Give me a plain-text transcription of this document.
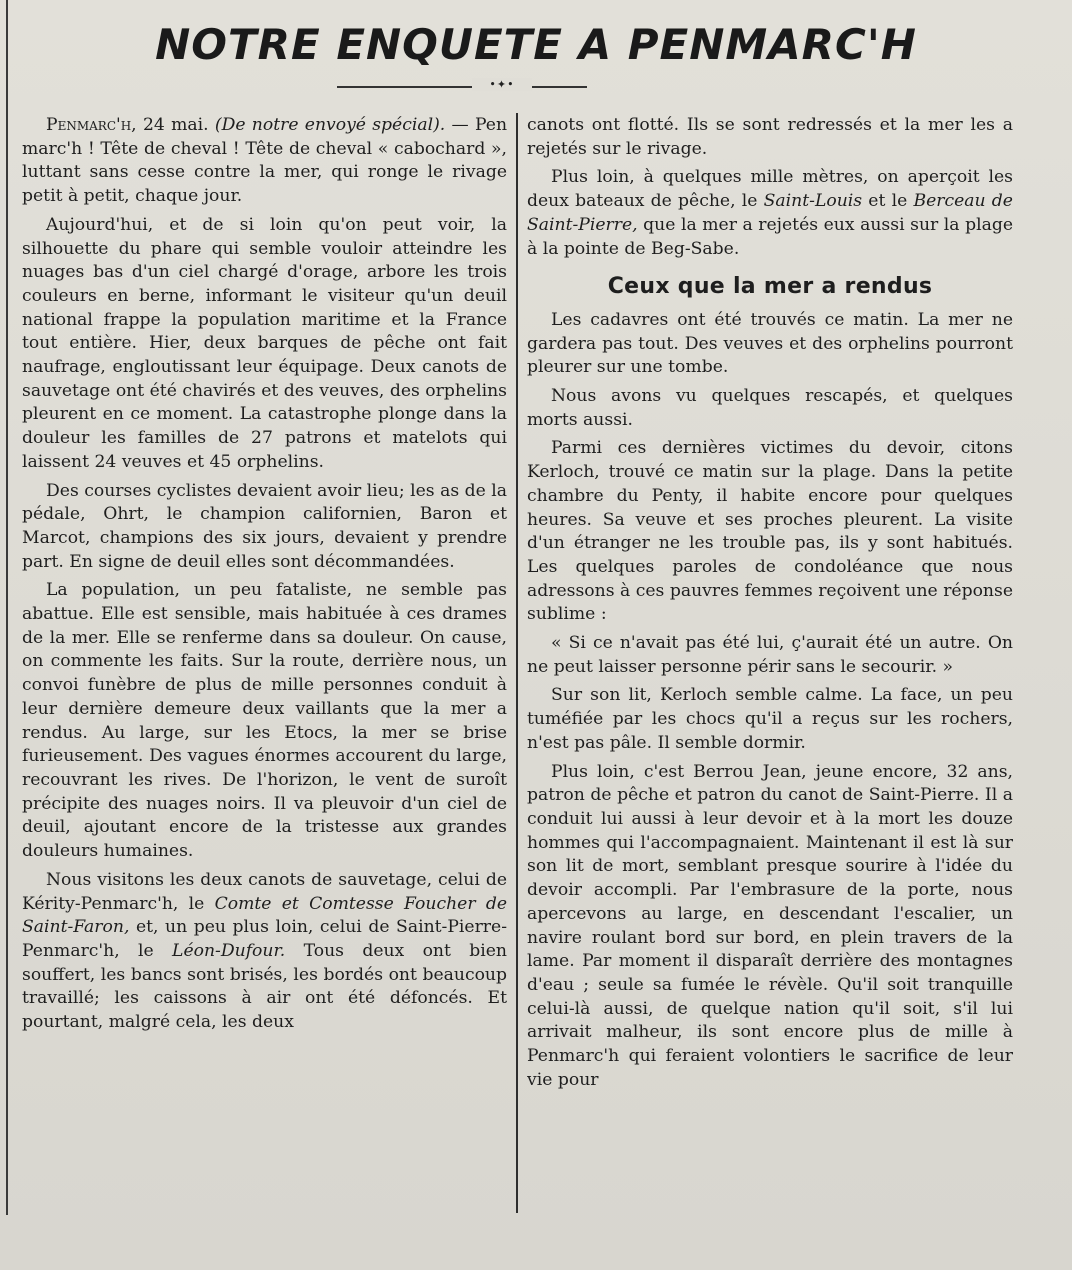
NOTRE ENQUETE A PENMARC'H
•✦•

Penmarc'h, 24 mai. (De notre envoyé spécial). — Pen marc'h ! Tête de cheval ! Tête de cheval « cabochard », luttant sans cesse contre la mer, qui ronge le rivage petit à petit, chaque jour.

Aujourd'hui, et de si loin qu'on peut voir, la silhouette du phare qui semble vouloir atteindre les nuages bas d'un ciel chargé d'orage, arbore les trois couleurs en berne, informant le visiteur qu'un deuil national frappe la population maritime et la France tout entière. Hier, deux barques de pêche ont fait naufrage, engloutissant leur équipage. Deux canots de sauvetage ont été chavirés et des veuves, des orphelins pleurent en ce moment. La catastrophe plonge dans la douleur les familles de 27 patrons et matelots qui laissent 24 veuves et 45 orphelins.

Des courses cyclistes devaient avoir lieu; les as de la pédale, Ohrt, le champion californien, Baron et Marcot, champions des six jours, devaient y prendre part. En signe de deuil elles sont décommandées.

La population, un peu fataliste, ne semble pas abattue. Elle est sensible, mais habituée à ces drames de la mer. Elle se renferme dans sa douleur. On cause, on commente les faits. Sur la route, derrière nous, un convoi funèbre de plus de mille personnes conduit à leur dernière demeure deux vaillants que la mer a rendus. Au large, sur les Etocs, la mer se brise furieusement. Des vagues énormes accourent du large, recouvrant les rives. De l'horizon, le vent de suroît précipite des nuages noirs. Il va pleuvoir d'un ciel de deuil, ajoutant encore de la tristesse aux grandes douleurs humaines.

Nous visitons les deux canots de sauvetage, celui de Kérity-Penmarc'h, le Comte et Comtesse Foucher de Saint-Faron, et, un peu plus loin, celui de Saint-Pierre-Penmarc'h, le Léon-Dufour. Tous deux ont bien souffert, les bancs sont brisés, les bordés ont beaucoup travaillé; les caissons à air ont été défoncés. Et pourtant, malgré cela, les deux

canots ont flotté. Ils se sont redressés et la mer les a rejetés sur le rivage.

Plus loin, à quelques mille mètres, on aperçoit les deux bateaux de pêche, le Saint-Louis et le Berceau de Saint-Pierre, que la mer a rejetés eux aussi sur la plage à la pointe de Beg-Sabe.

Ceux que la mer a rendus

Les cadavres ont été trouvés ce matin. La mer ne gardera pas tout. Des veuves et des orphelins pourront pleurer sur une tombe.

Nous avons vu quelques rescapés, et quelques morts aussi.

Parmi ces dernières victimes du devoir, citons Kerloch, trouvé ce matin sur la plage. Dans la petite chambre du Penty, il habite encore pour quelques heures. Sa veuve et ses proches pleurent. La visite d'un étranger ne les trouble pas, ils y sont habitués. Les quelques paroles de condoléance que nous adressons à ces pauvres femmes reçoivent une réponse sublime :

« Si ce n'avait pas été lui, ç'aurait été un autre. On ne peut laisser personne périr sans le secourir. »

Sur son lit, Kerloch semble calme. La face, un peu tuméfiée par les chocs qu'il a reçus sur les rochers, n'est pas pâle. Il semble dormir.

Plus loin, c'est Berrou Jean, jeune encore, 32 ans, patron de pêche et patron du canot de Saint-Pierre. Il a conduit lui aussi à leur devoir et à la mort les douze hommes qui l'accompagnaient. Maintenant il est là sur son lit de mort, semblant presque sourire à l'idée du devoir accompli. Par l'embrasure de la porte, nous apercevons au large, en descendant l'escalier, un navire roulant bord sur bord, en plein travers de la lame. Par moment il disparaît derrière des montagnes d'eau ; seule sa fumée le révèle. Qu'il soit tranquille celui-là aussi, de quelque nation qu'il soit, s'il lui arrivait malheur, ils sont encore plus de mille à Penmarc'h qui feraient volontiers le sacrifice de leur vie pour
